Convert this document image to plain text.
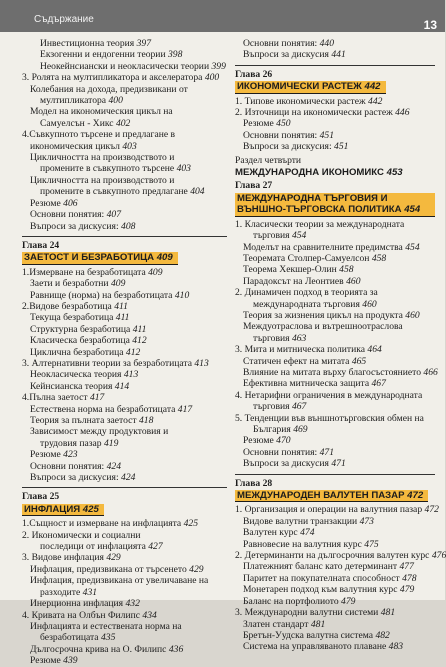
Съдържание	13
Инвестиционна теория 397
Екзогенни и ендогенни теории 398
Неокейнсиански и неокласически теории 399
3. Ролята на мултипликатора и акселератора 400
Колебания на дохода, предизвикани от
мултипликатора 400
Модел на икономическия цикъл на
Самуелсън - Хикс 402
4.Съвкупното търсене и предлагане в
икономическия цикъл 403
Цикличността на производството и
промените в съвкупното търсене 403
Цикличността на производството и
промените в съвкупното предлагане 404
Резюме 406
Основни понятия: 407
Въпроси за дискусия: 408
Глава 24
ЗАЕТОСТ И БЕЗРАБОТИЦА 409
1.Измерване на безработицата 409
Заети и безработни 409
Равнище (норма) на безработицата 410
2.Видове безработица 411
Текуща безработица 411
Структурна безработица 411
Класическа безработица 412
Циклична безработица 412
3. Алтернативни теории за безработицата 413
Неокласическа теория 413
Кейнсианска теория 414
4.Пълна заетост 417
Естествена норма на безработицата 417
Теория за пълната заетост 418
Зависимост между продуктовия и
трудовия пазар 419
Резюме 423
Основни понятия: 424
Въпроси за дискусия: 424
Глава 25
ИНФЛАЦИЯ 425
1.Същност и измерване на инфлацията 425
2. Икономически и социални
последици от инфлацията 427
3. Видове инфлация 429
Инфлация, предизвикана от търсенето 429
Инфлация, предизвикана от увеличаване на
разходите 431
Инерционна инфлация 432
4. Кривата на Олбън Филипс 434
Инфлацията и естествената норма на
безработицата 435
Дългосрочна крива на О. Филипс 436
Резюме 439
Основни понятия: 440
Въпроси за дискусия 441
Глава 26
ИКОНОМИЧЕСКИ РАСТЕЖ 442
1. Типове икономически растеж 442
2. Източници на икономически растеж 446
Резюме 450
Основни понятия: 451
Въпроси за дискусия: 451
Раздел четвърти
МЕЖДУНАРОДНА ИКОНОМИКС 453
Глава 27
МЕЖДУНАРОДНА ТЪРГОВИЯ И ВЪНШНО-ТЪРГОВСКА ПОЛИТИКА 454
1. Класически теории за международната
търговия 454
Моделът на сравнителните предимства 454
Теоремата Столпер-Самуелсон 458
Теорема Хекшер-Олин 458
Парадоксът на Леонтиев 460
2. Динамичен подход в теорията за
международната търговия 460
Теория за жизнения цикъл на продукта 460
Междуотраслова и вътрешноотраслова
търговия 463
3. Мита и митническа политика 464
Статичен ефект на митата 465
Влияние на митата върху благосъстоянието 466
Ефективна митническа защита 467
4. Нетарифни ограничения в международната
търговия 467
5. Тенденции във външнотърговския обмен на
България 469
Резюме 470
Основни понятия: 471
Въпроси за дискусия 471
Глава 28
МЕЖДУНАРОДЕН ВАЛУТЕН ПАЗАР 472
1. Организация и операции на валутния пазар 472
Видове валутни транзакции 473
Валутен курс 474
Равновесие на валутния курс 475
2. Детерминанти на дългосрочния валутен курс 476
Платежният баланс като детерминант 477
Паритет на покупателната способност 478
Монетарен подход към валутния курс 479
Баланс на портфолиото 479
3. Международни валутни системи 481
Златен стандарт 481
Бретън-Уудска валутна система 482
Система на управляваното плаване 483
